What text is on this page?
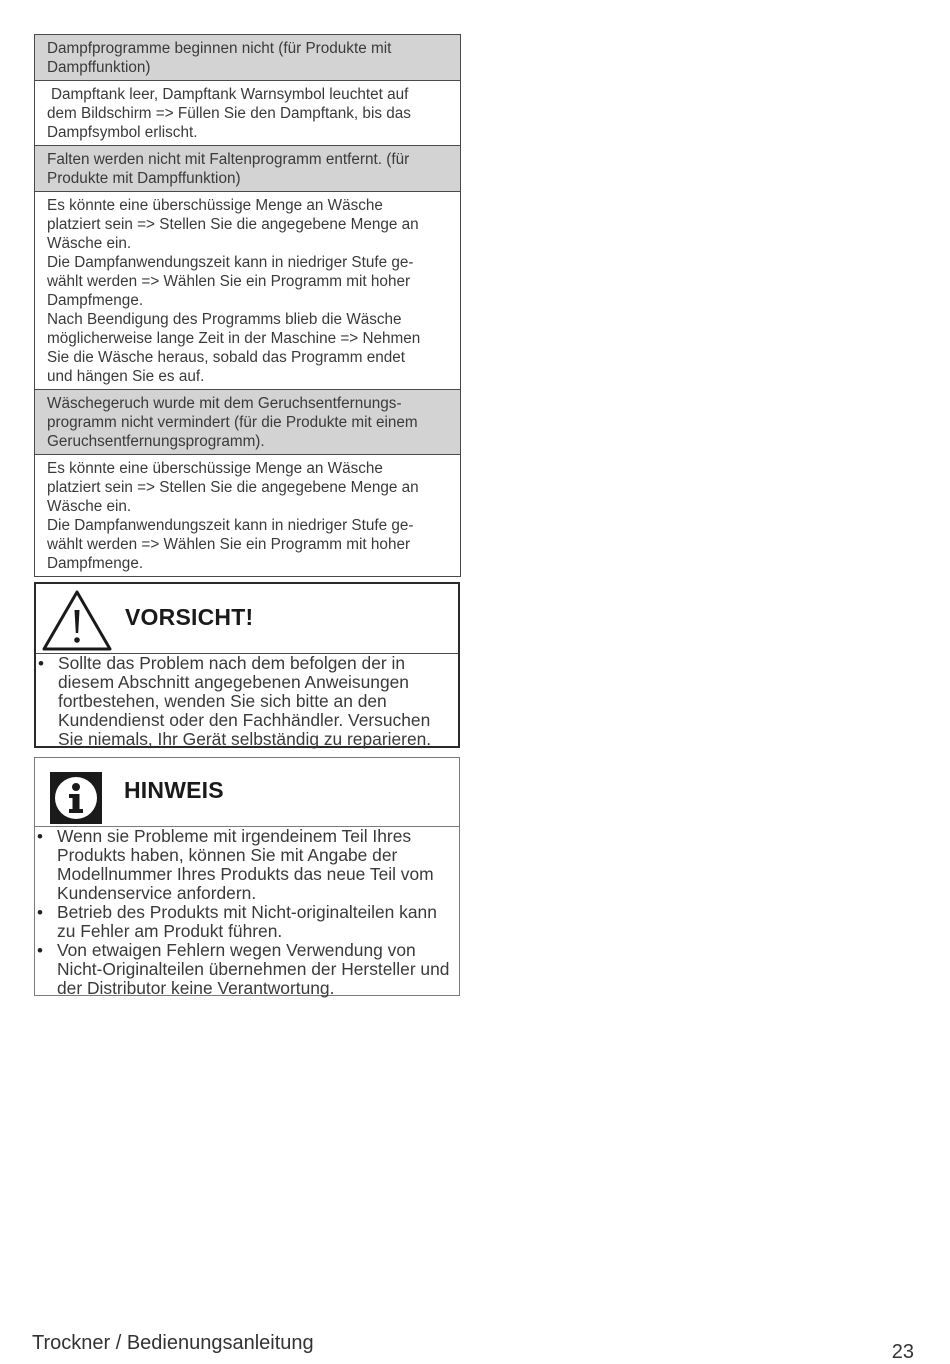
Dampfprogramme beginnen nicht (für Produkte mit

Dampffunktion)

Dampftank leer, Dampftank Warnsymbol leuchtet auf

dem Bildschirm => Füllen Sie den Dampftank, bis das

Dampfsymbol erlischt.

Falten werden nicht mit Faltenprogramm entfernt. (für

Produkte mit Dampffunktion)

Es könnte eine überschüssige Menge an Wäsche

platziert sein => Stellen Sie die angegebene Menge an

Wäsche ein.

Die Dampfanwendungszeit kann in niedriger Stufe ge-

wählt werden => Wählen Sie ein Programm mit hoher

Dampfmenge.

Nach Beendigung des Programms blieb die Wäsche

möglicherweise lange Zeit in der Maschine => Nehmen

Sie die Wäsche heraus, sobald das Programm endet

und hängen Sie es auf.

Wäschegeruch wurde mit dem Geruchsentfernungs-

programm nicht vermindert (für die Produkte mit einem

Geruchsentfernungsprogramm).

Es könnte eine überschüssige Menge an Wäsche

platziert sein => Stellen Sie die angegebene Menge an

Wäsche ein.

Die Dampfanwendungszeit kann in niedriger Stufe ge-

wählt werden => Wählen Sie ein Programm mit hoher

Dampfmenge.

VORSICHT!
• Sollte das Problem nach dem befolgen der in
diesem Abschnitt angegebenen Anweisungen
fortbestehen, wenden Sie sich bitte an den
Kundendienst oder den Fachhändler. Versuchen
Sie niemals, Ihr Gerät selbständig zu reparieren.
HINWEIS
• Wenn sie Probleme mit irgendeinem Teil Ihres
Produkts haben, können Sie mit Angabe der
Modellnummer Ihres Produkts das neue Teil vom
Kundenservice anfordern.
• Betrieb des Produkts mit Nicht-originalteilen kann
zu Fehler am Produkt führen.
• Von etwaigen Fehlern wegen Verwendung von
Nicht-Originalteilen übernehmen der Hersteller und
der Distributor keine Verantwortung.
Trockner / Bedienungsanleitung	23
